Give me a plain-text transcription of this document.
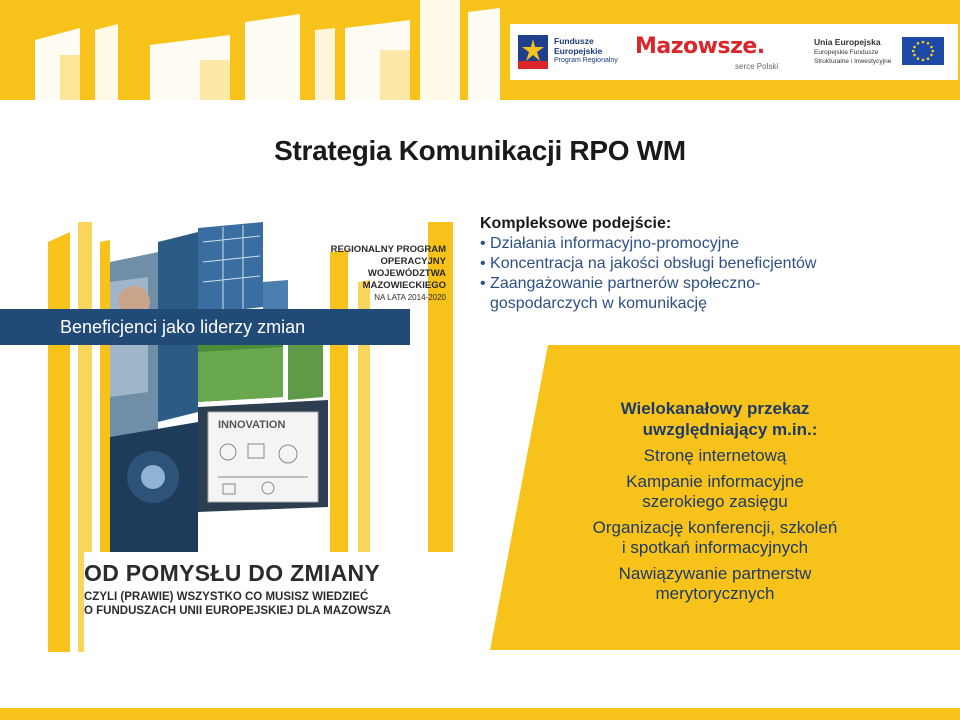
Fundusze
Europejskie
Program Regionalny
Mazowsze.
serce Polski
Unia Europejska
Europejskie Fundusze
Strukturalne i Inwestycyjne
Strategia Komunikacji RPO WM
INNOVATION
REGIONALNY PROGRAM OPERACYJNY
WOJEWÓDZTWA MAZOWIECKIEGO
NA LATA 2014-2020
OD POMYSŁU DO ZMIANY
CZYLI (PRAWIE) WSZYSTKO CO MUSISZ WIEDZIEĆ
O FUNDUSZACH UNII EUROPEJSKIEJ DLA MAZOWSZA
Beneficjenci jako liderzy zmian
Kompleksowe podejście:
• Działania informacyjno-promocyjne
• Koncentracja na jakości obsługi beneficjentów
• Zaangażowanie partnerów społeczno-
gospodarczych w komunikację
Wielokanałowy przekaz
uwzględniający m.in.:
Stronę internetową
Kampanie informacyjne
szerokiego zasięgu
Organizację konferencji, szkoleń
i spotkań informacyjnych
Nawiązywanie partnerstw
merytorycznych
